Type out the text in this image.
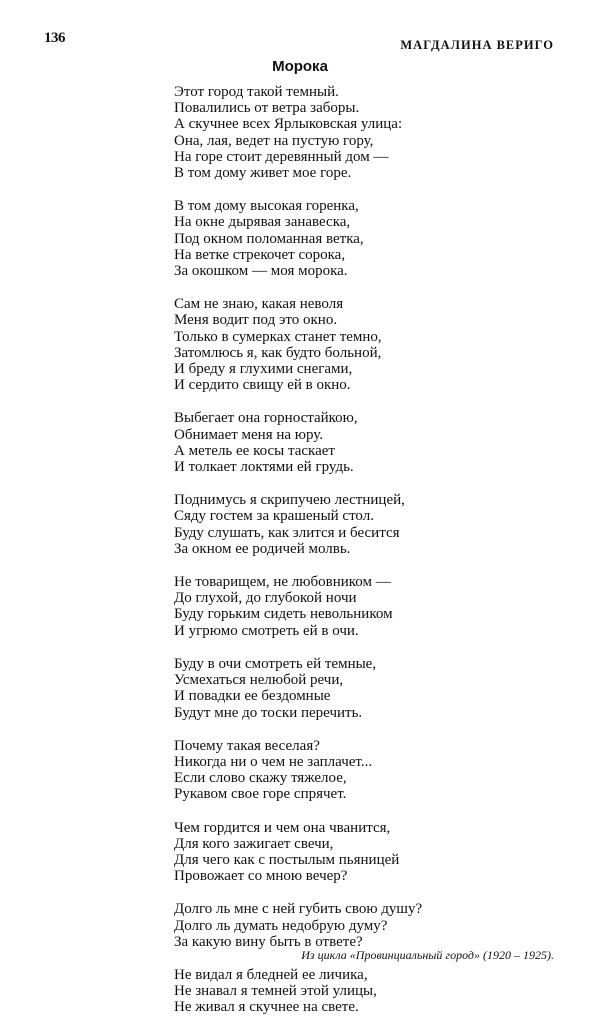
136	МАГДАЛИНА ВЕРИГО
Морока
Этот город такой темный.
Повалились от ветра заборы.
А скучнее всех Ярлыковская улица:
Она, лая, ведет на пустую гору,
На горе стоит деревянный дом —
В том дому живет мое горе.
В том дому высокая горенка,
На окне дырявая занавеска,
Под окном поломанная ветка,
На ветке стрекочет сорока,
За окошком — моя морока.
Сам не знаю, какая неволя
Меня водит под это окно.
Только в сумерках станет темно,
Затомлюсь я, как будто больной,
И бреду я глухими снегами,
И сердито свищу ей в окно.
Выбегает она горностайкою,
Обнимает меня на юру.
А метель ее косы таскает
И толкает локтями ей грудь.
Поднимусь я скрипучею лестницей,
Сяду гостем за крашеный стол.
Буду слушать, как злится и бесится
За окном ее родичей молвь.
Не товарищем, не любовником —
До глухой, до глубокой ночи
Буду горьким сидеть невольником
И угрюмо смотреть ей в очи.
Буду в очи смотреть ей темные,
Усмехаться нелюбой речи,
И повадки ее бездомные
Будут мне до тоски перечить.
Почему такая веселая?
Никогда ни о чем не заплачет...
Если слово скажу тяжелое,
Рукавом свое горе спрячет.
Чем гордится и чем она чванится,
Для кого зажигает свечи,
Для чего как с постылым пьяницей
Провожает со мною вечер?
Долго ль мне с ней губить свою душу?
Долго ль думать недобрую думу?
За какую вину быть в ответе?
Не видал я бледней ее личика,
Не знавал я темней этой улицы,
Не живал я скучнее на свете.
Из цикла «Провинциальный город» (1920 – 1925).
